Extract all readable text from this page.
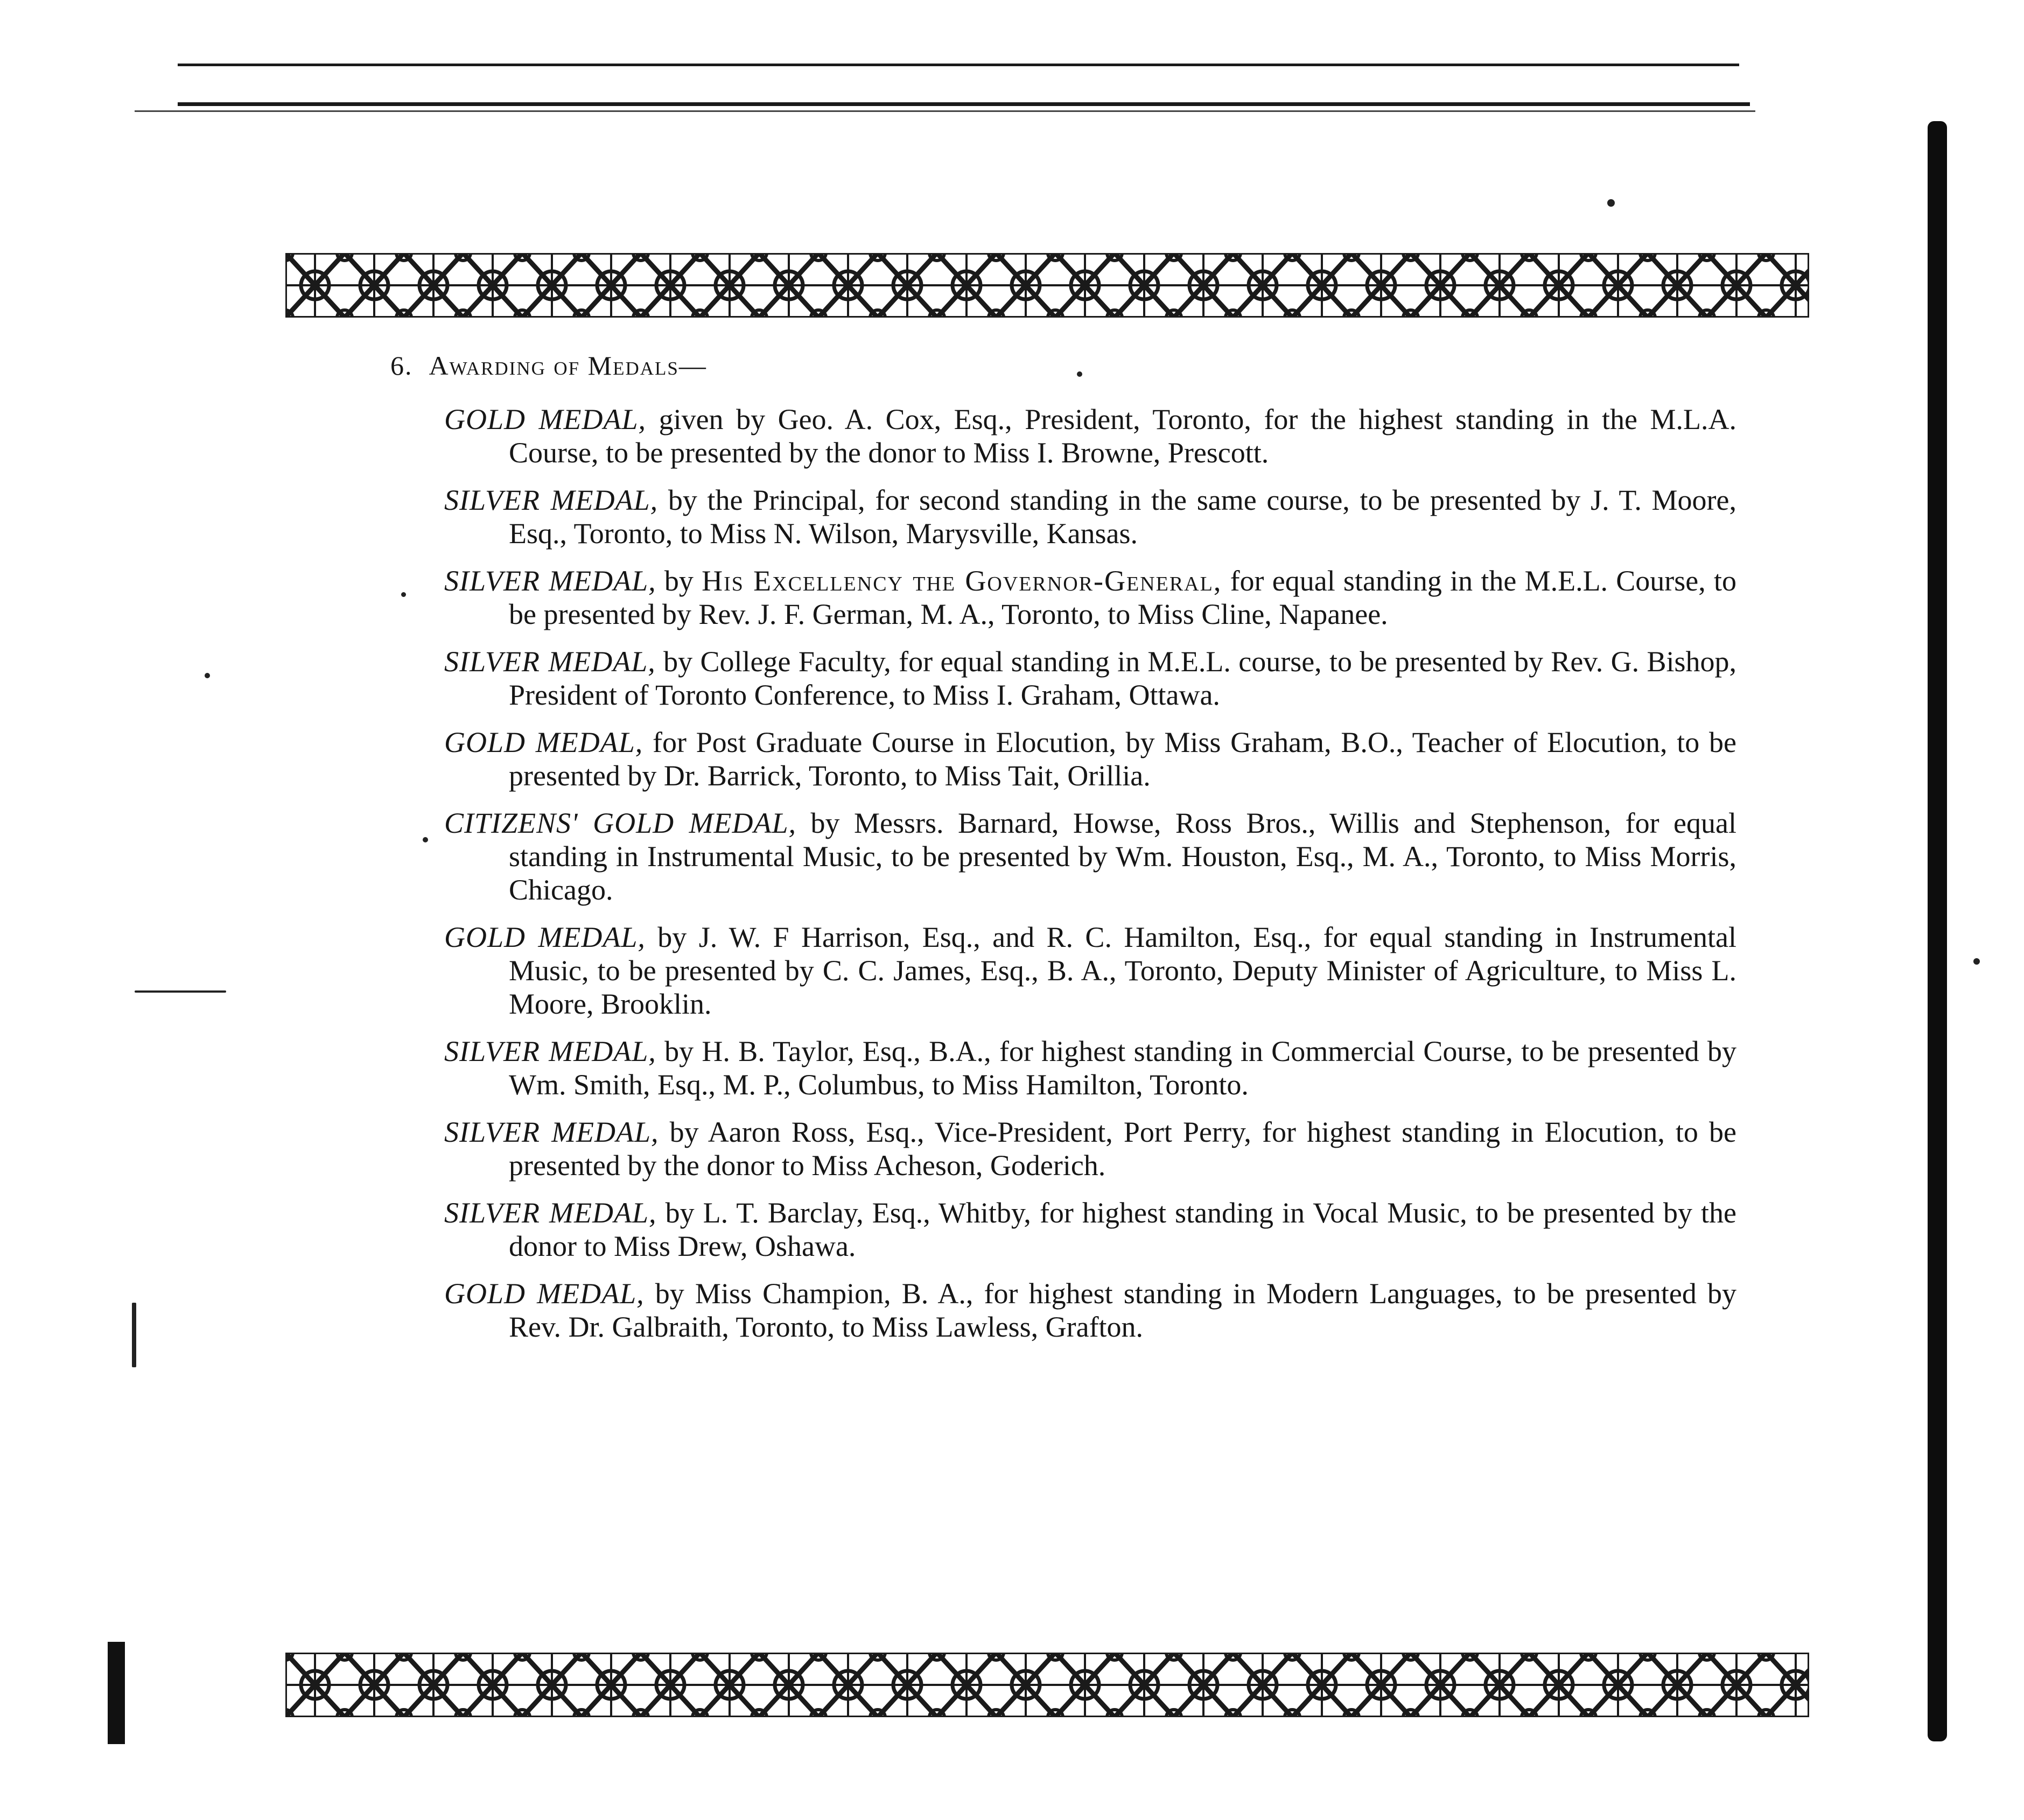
6. Awarding of Medals—

GOLD MEDAL, given by Geo. A. Cox, Esq., President, Toronto, for the highest standing in the M.L.A. Course, to be presented by the donor to Miss I. Browne, Prescott.

SILVER MEDAL, by the Principal, for second standing in the same course, to be presented by J. T. Moore, Esq., Toronto, to Miss N. Wilson, Marysville, Kansas.

SILVER MEDAL, by His Excellency the Governor-General, for equal standing in the M.E.L. Course, to be presented by Rev. J. F. German, M. A., Toronto, to Miss Cline, Napanee.

SILVER MEDAL, by College Faculty, for equal standing in M.E.L. course, to be presented by Rev. G. Bishop, President of Toronto Conference, to Miss I. Graham, Ottawa.

GOLD MEDAL, for Post Graduate Course in Elocution, by Miss Graham, B.O., Teacher of Elocution, to be presented by Dr. Barrick, Toronto, to Miss Tait, Orillia.

CITIZENS' GOLD MEDAL, by Messrs. Barnard, Howse, Ross Bros., Willis and Stephenson, for equal standing in Instrumental Music, to be presented by Wm. Houston, Esq., M. A., Toronto, to Miss Morris, Chicago.

GOLD MEDAL, by J. W. F Harrison, Esq., and R. C. Hamilton, Esq., for equal standing in Instrumental Music, to be presented by C. C. James, Esq., B. A., Toronto, Deputy Minister of Agriculture, to Miss L. Moore, Brooklin.

SILVER MEDAL, by H. B. Taylor, Esq., B.A., for highest standing in Commercial Course, to be presented by Wm. Smith, Esq., M. P., Columbus, to Miss Hamilton, Toronto.

SILVER MEDAL, by Aaron Ross, Esq., Vice-President, Port Perry, for highest standing in Elocution, to be presented by the donor to Miss Acheson, Goderich.

SILVER MEDAL, by L. T. Barclay, Esq., Whitby, for highest standing in Vocal Music, to be presented by the donor to Miss Drew, Oshawa.

GOLD MEDAL, by Miss Champion, B. A., for highest standing in Modern Languages, to be presented by Rev. Dr. Galbraith, Toronto, to Miss Lawless, Grafton.
